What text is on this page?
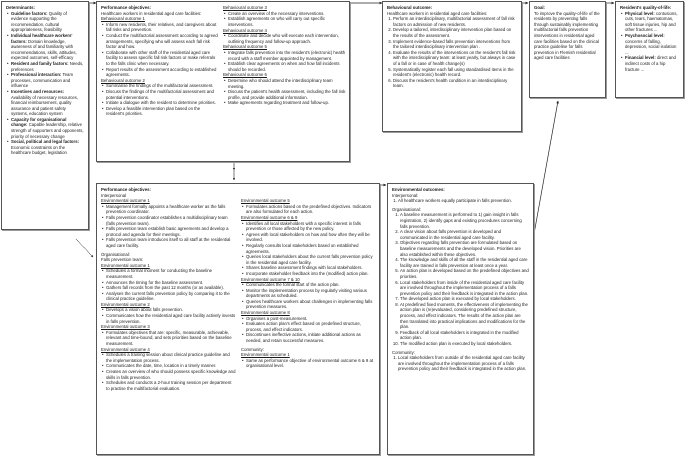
Determinants:
• Guideline factors: Quality of evidence supporting the recommendation, cultural appropriateness, feasibility
• Individual healthcare workers' factors: Domain knowledge, awareness of and familiarity with recommendations, skills, attitudes, expected outcomes, self-efficacy
• Resident and family factors: Needs, preferences
• Professional interaction: Team processes, communication and influence
• Incentives and resources: Availability of necessary resources, financial reimbursement, quality assurance and patient safety systems, education system
• Capacity for organisational change: Capable leadership, relative strength of supporters and opponents, priority of necessary change
• Social, political and legal factors: Economic constraints on the healthcare budget, legislation
Performance objectives:
Healthcare workers in residential aged care facilities:
Behavioural outcome 1
• Inform new residents, their relatives, and caregivers about fall risks and prevention.
• Conduct the multifactorial assessment according to agreed arrangements, specifying who will assess each fall risk factor and how.
• Collaborate with other staff of the residential aged care facility to assess specific fall risk factors or make referrals to the falls clinic when necessary.
• Report results of the assessment according to established agreements.
Behavioural outcome 2
• Summarise the findings of the multifactorial assessment.
• Discuss the findings of the multifactorial assessment and potential interventions.
• Initiate a dialogue with the resident to determine priorities.
• Develop a feasible intervention plan based on the resident's priorities.
Behavioural outcome 3
• Create an overview of the necessary interventions.
• Establish agreements on who will carry out specific interventions.
Behavioural outcome 4
• Coordinate and decide who will execute each intervention, outlining frequency and follow-up approach.
Behavioural outcome 5
• Integrate falls prevention into the resident's (electronic) health record with a staff member appointed by management.
• Establish clear agreements on when and how fall incidents should be recorded.
Behavioural outcome 6
• Determine who should attend the interdisciplinary team meeting.
• Discuss the patient's health assessment, including the fall risk profile, and provide additional information.
• Make agreements regarding treatment and follow-up.
Behavioural outcome:
Healthcare workers in residential aged care facilities:
1. Perform an interdisciplinary, multifactorial assessment of fall risk factors on admission of new residents.
2. Develop a tailored, interdisciplinary intervention plan based on the results of the assessment.
3. Implement evidence-based falls prevention interventions from the tailored interdisciplinary intervention plan .
4. Evaluate the results of the interventions on the resident's fall risk with the interdisciplinary team: at least yearly, but always in case of a fall or in case of health change(s)
5. Systematically register each fall using standardised items in the resident's (electronic) health record.
6. Discuss the resident's health condition in an interdisciplinary team.
Goal:
To improve the quality-of-life of the residents by preventing falls through sustainably implementing multifactorial falls prevention interventions in residential aged care facilities based on the clinical practice guideline for falls prevention in Flemish residential aged care facilities
Resident's quality-of-life:
• Physical level: contusions, cuts, tears, haematomas, soft tissue injuries, hip and other fractures ...
• Psychosocial level: concerns of falling, depression, social isolation ...
• Financial level: direct and indirect costs of a hip fracture ...
Performance objectives:
Interpersonal
Environmental outcome 1
• Management formally appoints a healthcare worker as the falls prevention coordinator.
• Falls prevention coordinator establishes a multidisciplinary team (falls prevention team).
• Falls prevention team establish basic agreements and develop a protocol and agenda for their meetings.
• Falls prevention team introduces itself to all staff at the residential aged care facility.
Organisational:
Falls prevention team:
Environmental outcome 1
• Schedules a formal moment for conducting the baseline measurement.
• Announces the timing for the baseline assessment.
• Gathers fall records from the past 12 months (or as available).
• Analyses the current falls prevention policy by comparing it to the clinical practice guideline.
Environmental outcome 2
• Develops a vision about falls prevention.
• Communicates how the residential aged care facility actively invests in falls prevention.
Environmental outcome 3
• Formulates objectives that are: specific, measurable, achievable, relevant and time-bound, and sets priorities based on the baseline measurement.
Environmental outcome 4
• Schedules a training session about clinical practice guideline and the implementation process.
• Communicates the date, time, location in a timely manner.
• Creates an overview of who should possess specific knowledge and skills in falls prevention.
• Schedules and conducts a 2-hour training session per department to practise the multifactorial evaluation.
Environmental outcome 5
• Formulates actions based on the predefined objectives. Indicators are also formulated for each action.
Environmental outcome 6 & 9
• Identifies all local stakeholders with a specific interest in falls prevention or those affected by the new policy.
• Agrees with local stakeholders on how and how often they will be involved.
• Regularly consults local stakeholders based on established agreements.
• Queries local stakeholders about the current falls prevention policy in the residential aged care facility.
• Shares baseline assessment findings with local stakeholders.
• Incorporate stakeholder feedback into the (modified) action plan.
Environmental outcome 7 & 10
• Communicates the formal start of the action plan.
• Monitor the implementation process by regularly visiting various departments as scheduled.
• Queries healthcare workers about challenges in implementing falls prevention measures.
Environmental outcome 8
• Organises a post-measurement.
• Evaluates action plan's effect based on predefined structure, process, and effect indicators.
• Discontinues ineffective actions, initiate additional actions as needed, and retain successful measures.
Community:
Environmental outcome 1
• Same as performance objective of environmental outcome 6 & 9 at organisational level.
Environmental outcomes:
Interpersonal:
1. All healthcare workers equally participate in falls prevention.
Organisational:
1. A baseline measurement is performed to 1) gain insight in falls registration, 2) identify gaps and existing procedures concerning falls prevention.
2. A clear vision about falls prevention is developed and communicated in the residential aged care facility.
3. Objectives regarding falls prevention are formulated based on baseline measurements and the developed vision. Priorities are also established within these objectives.
4. The knowledge and skills of all the staff in the residential aged care facility are trained in falls prevention at least once a year.
5. An action plan is developed based on the predefined objectives and priorities.
6. Local stakeholders from inside of the residential aged care facility are involved throughout the implementation process of a falls prevention policy and their feedback is integrated in the action plan.
7. The developed action plan is executed by local stakeholders.
8. At predefined fixed moments, the effectiveness of implementing the action plan is (re)evaluated, considering predefined structure, process, and effect indicators. The results of the action plan are then translated into practical implications and modifications for the plan.
9. Feedback of all local stakeholders is integrated in the modified action plan.
10. The modified action plan is executed by local stakeholders.
Community:
1. Local stakeholders from outside of the residential aged care facility are involved throughout the implementation process of a falls prevention policy and their feedback is integrated in the action plan.
